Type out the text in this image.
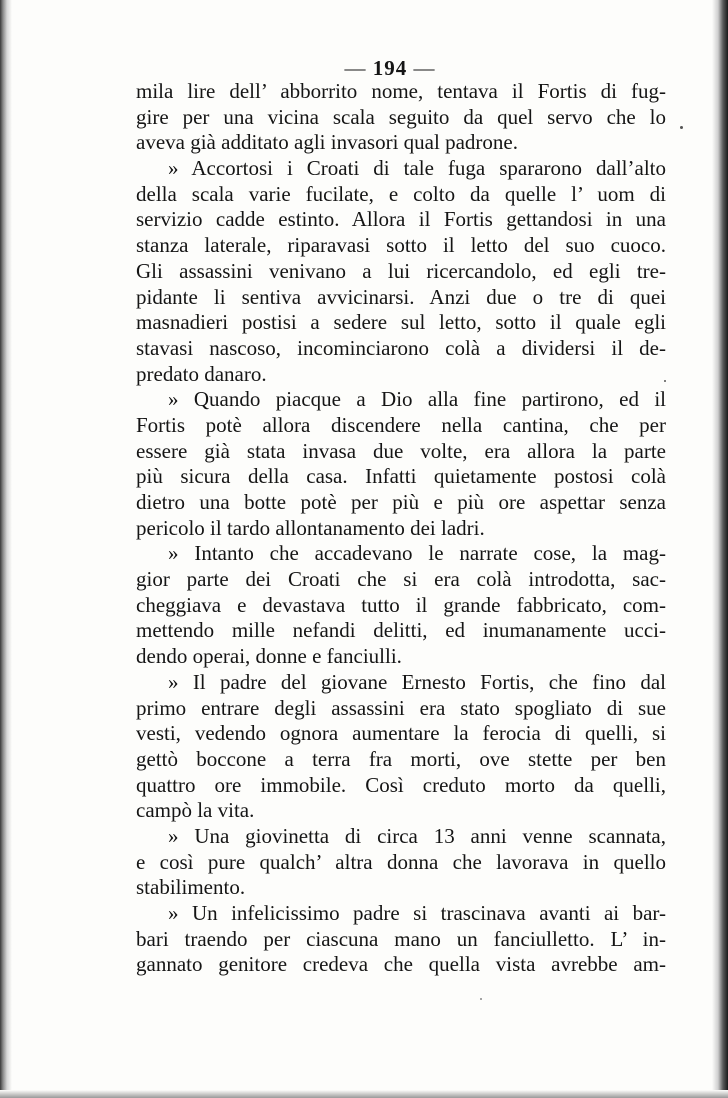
— 194 —
mila lire dell’ abborrito nome, tentava il Fortis di fug-
gire per una vicina scala seguito da quel servo che lo
aveva già additato agli invasori qual padrone.
» Accortosi i Croati di tale fuga spararono dall’alto
della scala varie fucilate, e colto da quelle l’ uom di
servizio cadde estinto. Allora il Fortis gettandosi in una
stanza laterale, riparavasi sotto il letto del suo cuoco.
Gli assassini venivano a lui ricercandolo, ed egli tre-
pidante li sentiva avvicinarsi. Anzi due o tre di quei
masnadieri postisi a sedere sul letto, sotto il quale egli
stavasi nascoso, incominciarono colà a dividersi il de-
predato danaro.
» Quando piacque a Dio alla fine partirono, ed il
Fortis potè allora discendere nella cantina, che per
essere già stata invasa due volte, era allora la parte
più sicura della casa. Infatti quietamente postosi colà
dietro una botte potè per più e più ore aspettar senza
pericolo il tardo allontanamento dei ladri.
» Intanto che accadevano le narrate cose, la mag-
gior parte dei Croati che si era colà introdotta, sac-
cheggiava e devastava tutto il grande fabbricato, com-
mettendo mille nefandi delitti, ed inumanamente ucci-
dendo operai, donne e fanciulli.
» Il padre del giovane Ernesto Fortis, che fino dal
primo entrare degli assassini era stato spogliato di sue
vesti, vedendo ognora aumentare la ferocia di quelli, si
gettò boccone a terra fra morti, ove stette per ben
quattro ore immobile. Così creduto morto da quelli,
campò la vita.
» Una giovinetta di circa 13 anni venne scannata,
e così pure qualch’ altra donna che lavorava in quello
stabilimento.
» Un infelicissimo padre si trascinava avanti ai bar-
bari traendo per ciascuna mano un fanciulletto. L’ in-
gannato genitore credeva che quella vista avrebbe am-
